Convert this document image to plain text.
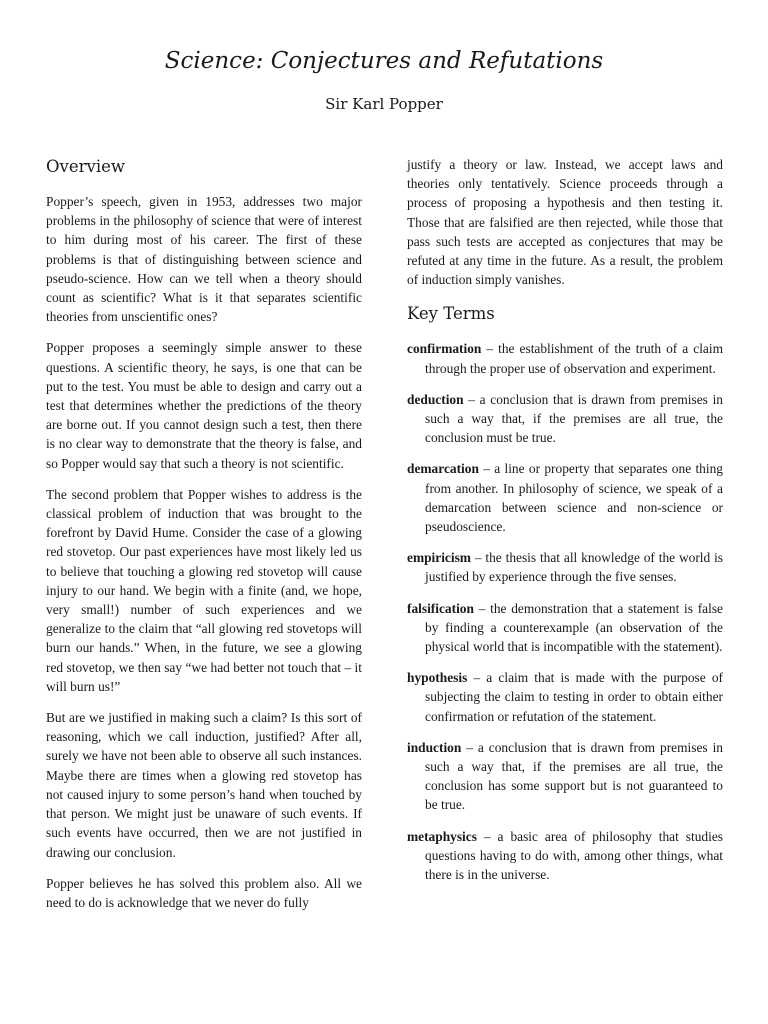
Science: Conjectures and Refutations
Sir Karl Popper
Overview

Popper’s speech, given in 1953, addresses two major problems in the philosophy of science that were of interest to him during most of his career. The first of these problems is that of distinguishing between science and pseudo-science. How can we tell when a theory should count as scientific? What is it that separates scientific theories from unscientific ones?

Popper proposes a seemingly simple answer to these questions. A scientific theory, he says, is one that can be put to the test. You must be able to design and carry out a test that determines whether the predictions of the theory are borne out. If you cannot design such a test, then there is no clear way to demonstrate that the theory is false, and so Popper would say that such a theory is not scientific.

The second problem that Popper wishes to address is the classical problem of induction that was brought to the forefront by David Hume. Consider the case of a glowing red stovetop. Our past experiences have most likely led us to believe that touching a glowing red stovetop will cause injury to our hand. We begin with a finite (and, we hope, very small!) number of such experiences and we generalize to the claim that “all glowing red stovetops will burn our hands.” When, in the future, we see a glowing red stovetop, we then say “we had better not touch that – it will burn us!”

But are we justified in making such a claim? Is this sort of reasoning, which we call induction, justified? After all, surely we have not been able to observe all such instances. Maybe there are times when a glowing red stovetop has not caused injury to some person’s hand when touched by that person. We might just be unaware of such events. If such events have occurred, then we are not justified in drawing our conclusion.

Popper believes he has solved this problem also. All we need to do is acknowledge that we never do fully

justify a theory or law. Instead, we accept laws and theories only tentatively. Science proceeds through a process of proposing a hypothesis and then testing it. Those that are falsified are then rejected, while those that pass such tests are accepted as conjectures that may be refuted at any time in the future. As a result, the problem of induction simply vanishes.

Key Terms

confirmation – the establishment of the truth of a claim through the proper use of observation and experiment.

deduction – a conclusion that is drawn from premises in such a way that, if the premises are all true, the conclusion must be true.

demarcation – a line or property that separates one thing from another. In philosophy of science, we speak of a demarcation between science and non-science or pseudoscience.

empiricism – the thesis that all knowledge of the world is justified by experience through the five senses.

falsification – the demonstration that a statement is false by finding a counterexample (an observation of the physical world that is incompatible with the statement).

hypothesis – a claim that is made with the purpose of subjecting the claim to testing in order to obtain either confirmation or refutation of the statement.

induction – a conclusion that is drawn from premises in such a way that, if the premises are all true, the conclusion has some support but is not guaranteed to be true.

metaphysics – a basic area of philosophy that studies questions having to do with, among other things, what there is in the universe.
